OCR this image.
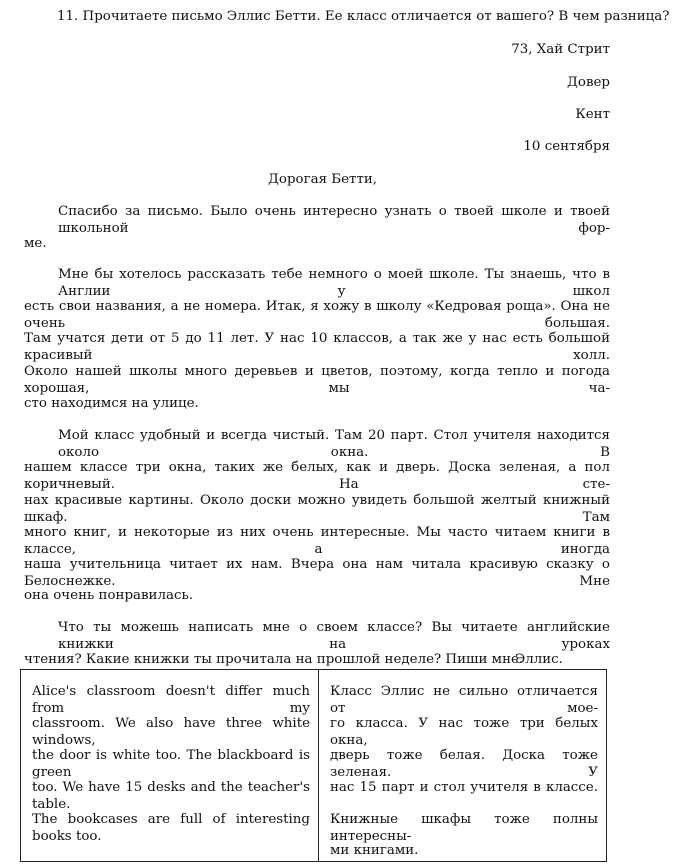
11. Прочитаете письмо Эллис Бетти. Ее класс отличается от вашего? В чем разница?
73, Хай Стрит
Довер
Кент
10 сентября
Дорогая Бетти,
Спасибо за письмо. Было очень интересно узнать о твоей школе и твоей школьной фор-
ме.
Мне бы хотелось рассказать тебе немного о моей школе. Ты знаешь, что в Англии у школ
есть свои названия, а не номера. Итак, я хожу в школу «Кедровая роща». Она не очень большая.
Там учатся дети от 5 до 11 лет. У нас 10 классов, а так же у нас есть большой красивый холл.
Около нашей школы много деревьев и цветов, поэтому, когда тепло и погода хорошая, мы ча-
сто находимся на улице.
Мой класс удобный и всегда чистый. Там 20 парт. Стол учителя находится около окна. В
нашем классе три окна, таких же белых, как и дверь. Доска зеленая, а пол коричневый. На сте-
нах красивые картины. Около доски можно увидеть большой желтый книжный шкаф. Там
много книг, и некоторые из них очень интересные. Мы часто читаем книги в классе, а иногда
наша учительница читает их нам. Вчера она нам читала красивую сказку о Белоснежке. Мне
она очень понравилась.
Что ты можешь написать мне о своем классе? Вы читаете английские книжки на уроках
чтения? Какие книжки ты прочитала на прошлой неделе? Пиши мне.
Эллис.
Alice's classroom doesn't differ much from my
classroom. We also have three white windows,
the door is white too. The blackboard is green
too. We have 15 desks and the teacher's table.
The bookcases are full of interesting books too.
Класс Эллис не сильно отличается от мое-
го класса. У нас тоже три белых окна,
дверь тоже белая. Доска тоже зеленая. У
нас 15 парт и стол учителя в классе.
Книжные шкафы тоже полны интересны-
ми книгами.
